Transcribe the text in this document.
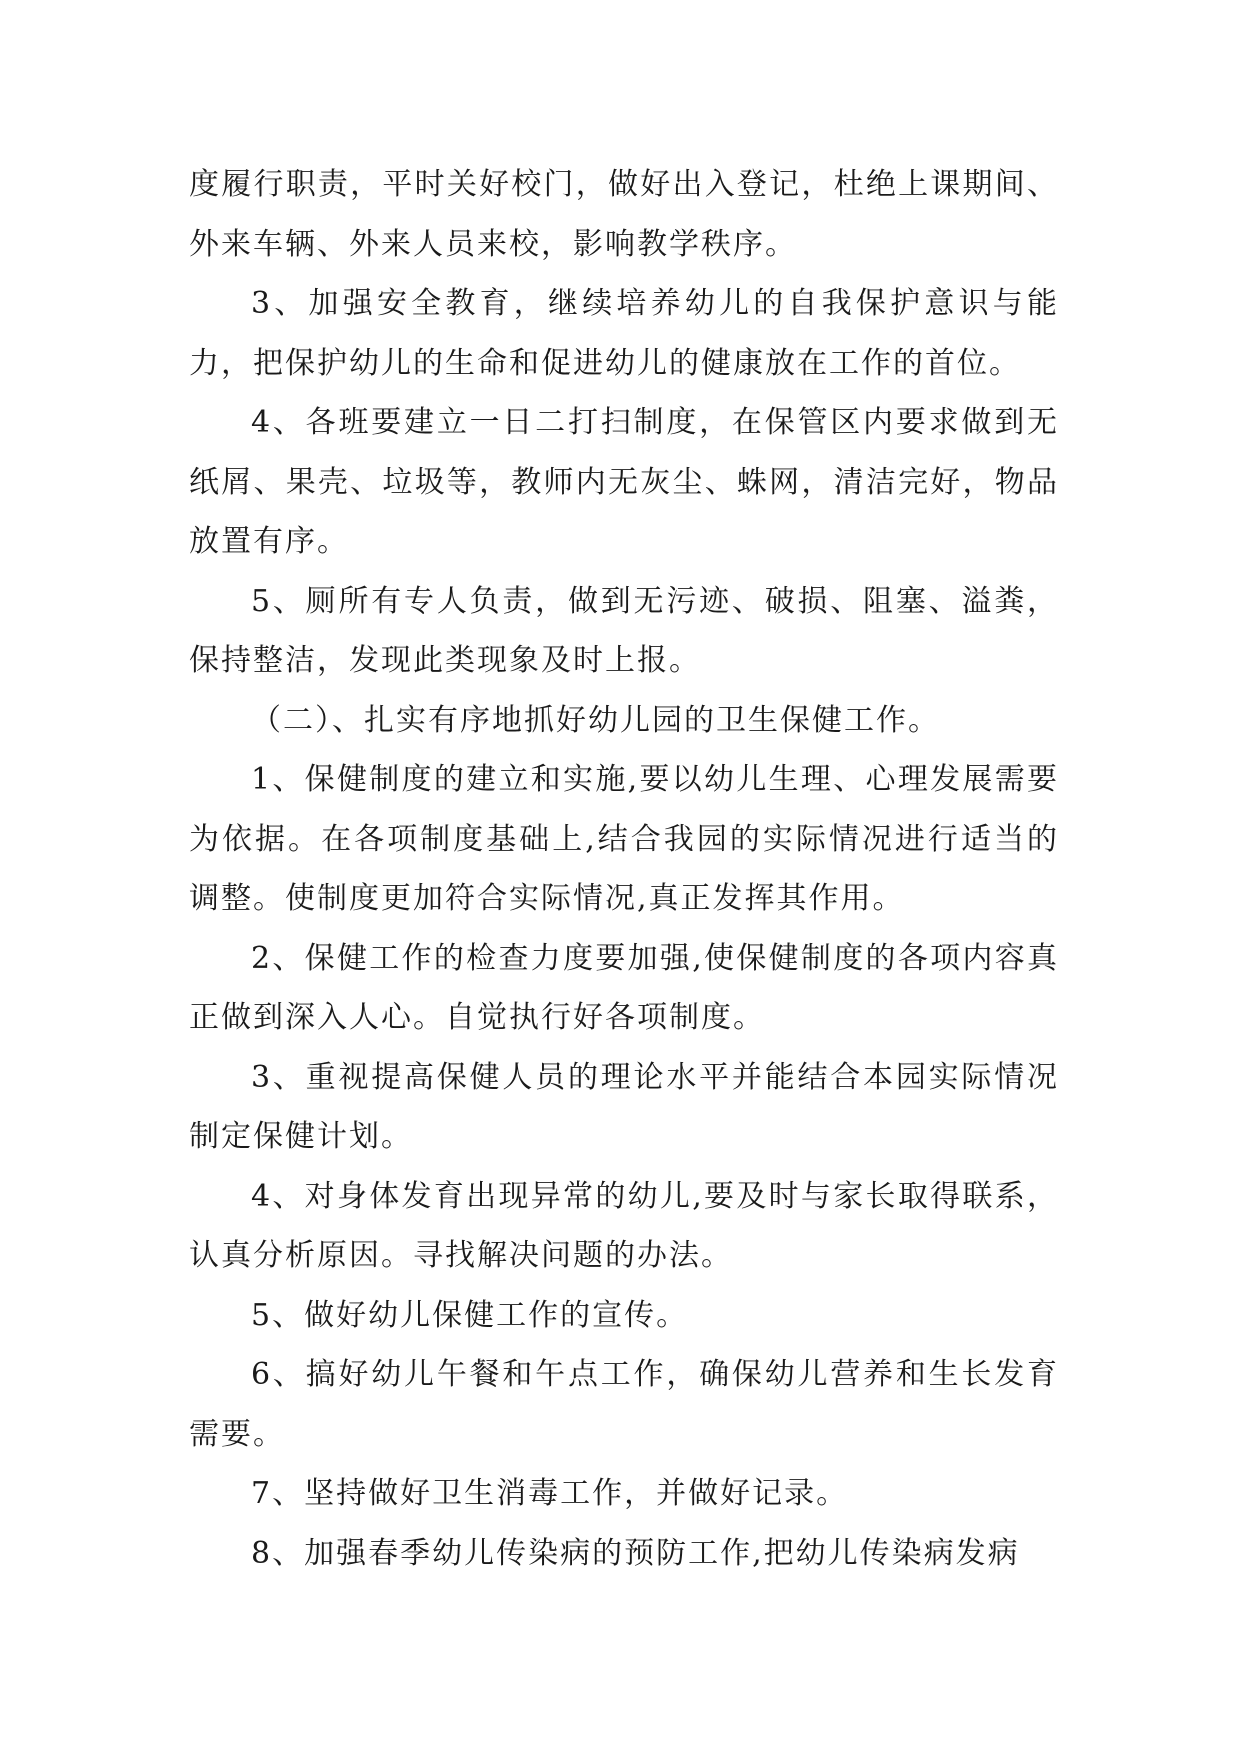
度履行职责，平时关好校门，做好出入登记，杜绝上课期间、外来车辆、外来人员来校，影响教学秩序。

3、加强安全教育，继续培养幼儿的自我保护意识与能力，把保护幼儿的生命和促进幼儿的健康放在工作的首位。

4、各班要建立一日二打扫制度，在保管区内要求做到无纸屑、果壳、垃圾等，教师内无灰尘、蛛网，清洁完好，物品放置有序。

5、厕所有专人负责，做到无污迹、破损、阻塞、溢粪，保持整洁，发现此类现象及时上报。

（二）、扎实有序地抓好幼儿园的卫生保健工作。

1、保健制度的建立和实施,要以幼儿生理、心理发展需要为依据。在各项制度基础上,结合我园的实际情况进行适当的调整。使制度更加符合实际情况,真正发挥其作用。

2、保健工作的检查力度要加强,使保健制度的各项内容真正做到深入人心。自觉执行好各项制度。

3、重视提高保健人员的理论水平并能结合本园实际情况制定保健计划。

4、对身体发育出现异常的幼儿,要及时与家长取得联系，认真分析原因。寻找解决问题的办法。

5、做好幼儿保健工作的宣传。

6、搞好幼儿午餐和午点工作，确保幼儿营养和生长发育需要。

7、坚持做好卫生消毒工作，并做好记录。

8、加强春季幼儿传染病的预防工作,把幼儿传染病发病
